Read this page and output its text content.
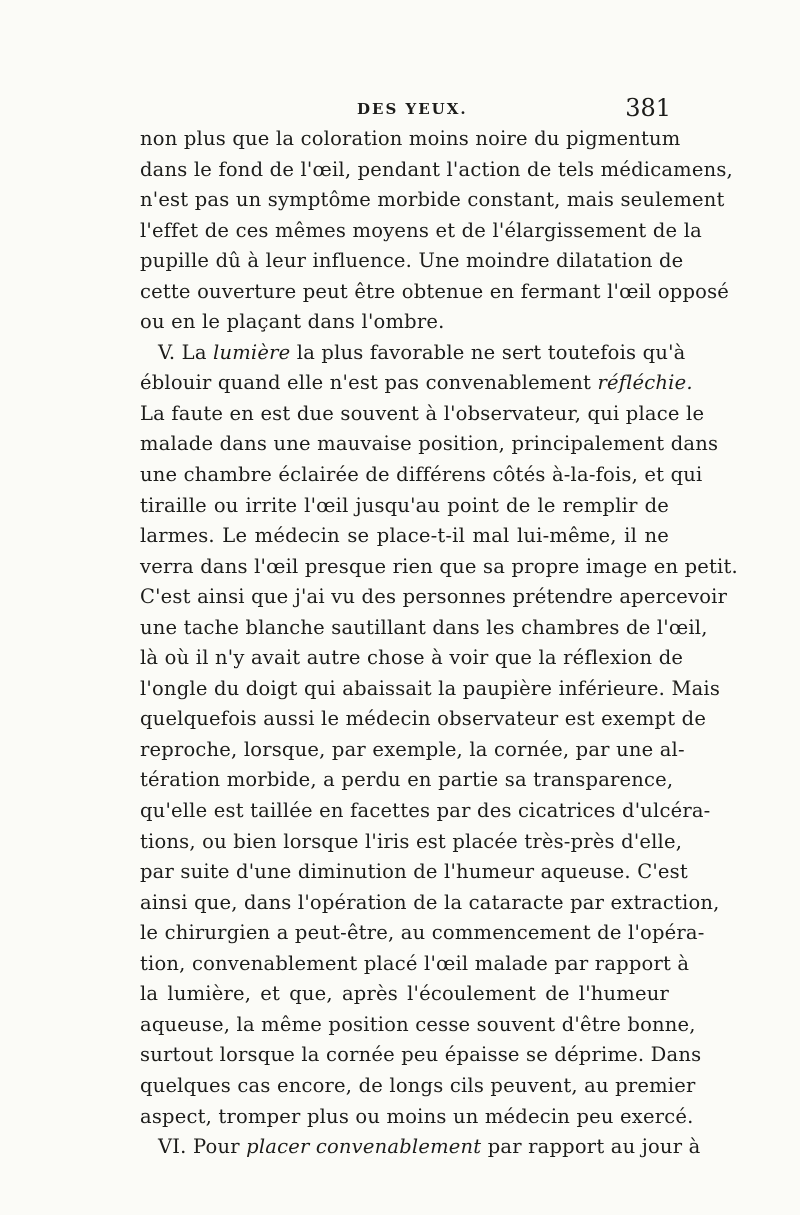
DES YEUX.	381
non plus que la coloration moins noire du pigmentum
dans le fond de l'œil, pendant l'action de tels médicamens,
n'est pas un symptôme morbide constant, mais seulement
l'effet de ces mêmes moyens et de l'élargissement de la
pupille dû à leur influence. Une moindre dilatation de
cette ouverture peut être obtenue en fermant l'œil opposé
ou en le plaçant dans l'ombre.
V. La lumière la plus favorable ne sert toutefois qu'à
éblouir quand elle n'est pas convenablement réfléchie.
La faute en est due souvent à l'observateur, qui place le
malade dans une mauvaise position, principalement dans
une chambre éclairée de différens côtés à-la-fois, et qui
tiraille ou irrite l'œil jusqu'au point de le remplir de
larmes. Le médecin se place-t-il mal lui-même, il ne
verra dans l'œil presque rien que sa propre image en petit.
C'est ainsi que j'ai vu des personnes prétendre apercevoir
une tache blanche sautillant dans les chambres de l'œil,
là où il n'y avait autre chose à voir que la réflexion de
l'ongle du doigt qui abaissait la paupière inférieure. Mais
quelquefois aussi le médecin observateur est exempt de
reproche, lorsque, par exemple, la cornée, par une al-
tération morbide, a perdu en partie sa transparence,
qu'elle est taillée en facettes par des cicatrices d'ulcéra-
tions, ou bien lorsque l'iris est placée très-près d'elle,
par suite d'une diminution de l'humeur aqueuse. C'est
ainsi que, dans l'opération de la cataracte par extraction,
le chirurgien a peut-être, au commencement de l'opéra-
tion, convenablement placé l'œil malade par rapport à
la lumière, et que, après l'écoulement de l'humeur
aqueuse, la même position cesse souvent d'être bonne,
surtout lorsque la cornée peu épaisse se déprime. Dans
quelques cas encore, de longs cils peuvent, au premier
aspect, tromper plus ou moins un médecin peu exercé.
VI. Pour placer convenablement par rapport au jour à
